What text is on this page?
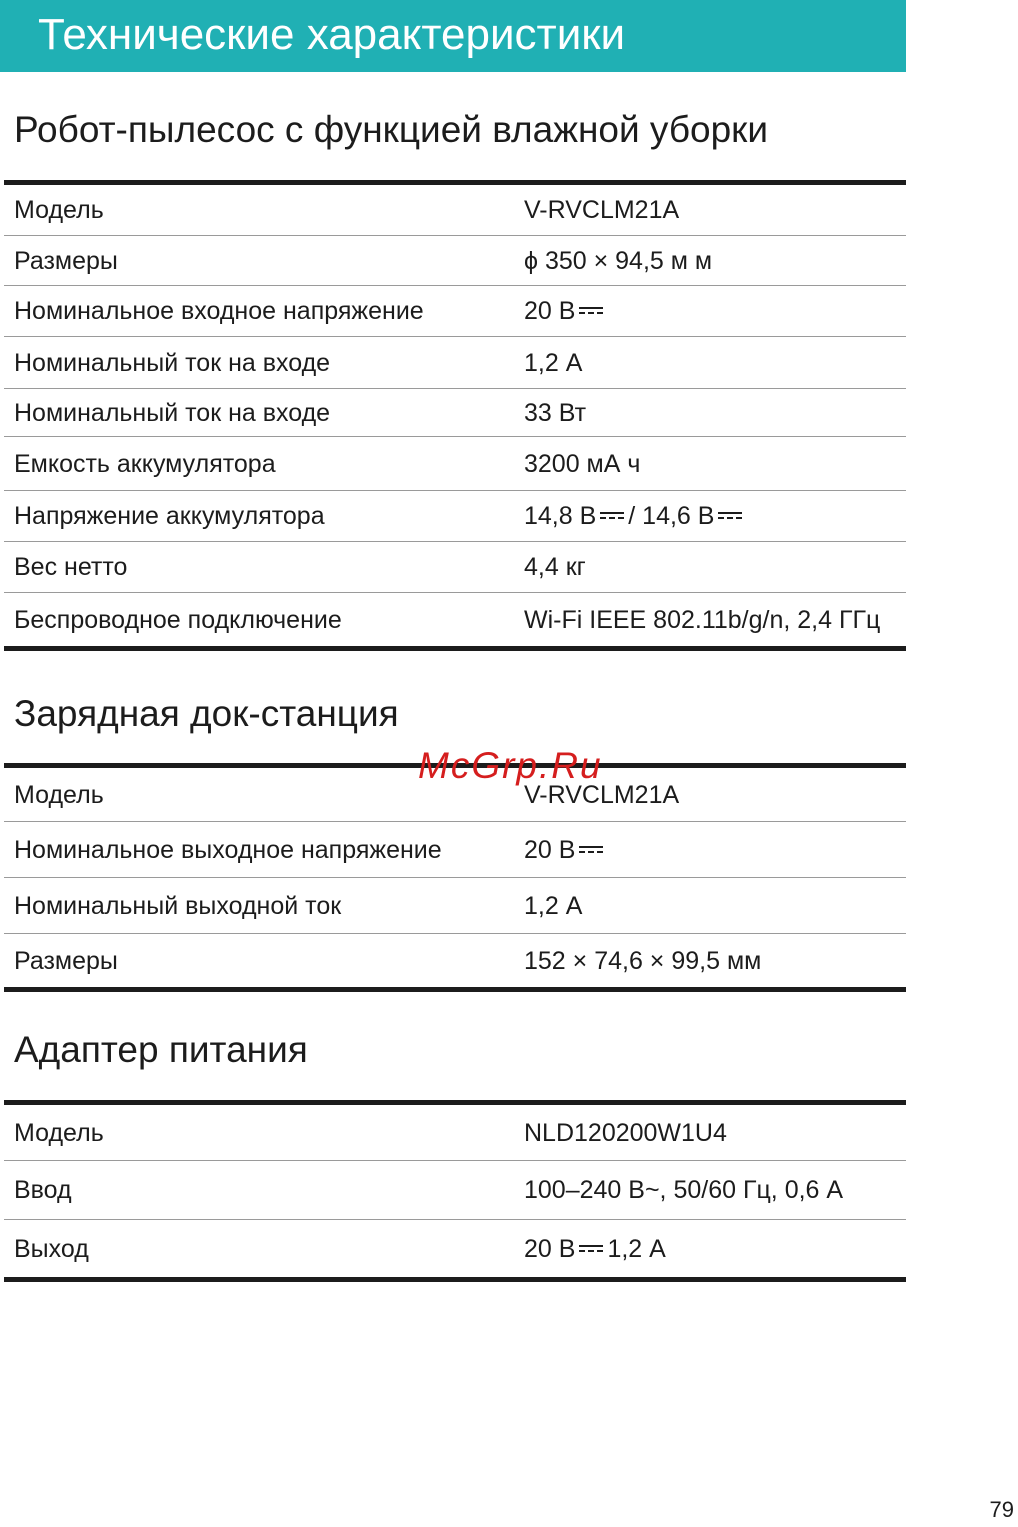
Технические характеристики
Робот-пылесос с функцией влажной уборки
Модель	V-RVCLM21A
Размеры	ϕ 350 × 94,5 м м
Номинальное входное напряжение	20 В
Номинальный ток на входе	1,2 А
Номинальный ток на входе	33 Вт
Емкость аккумулятора	3200 мА ч
Напряжение аккумулятора	14,8 В / 14,6 В
Вес нетто	4,4 кг
Беспроводное подключение	Wi-Fi IEEE 802.11b/g/n, 2,4 ГГц
Зарядная док-станция
Модель	V-RVCLM21A
Номинальное выходное напряжение	20 В
Номинальный выходной ток	1,2 А
Размеры	152 × 74,6 × 99,5 мм
Адаптер питания
Модель	NLD120200W1U4
Ввод	100–240 В~, 50/60 Гц, 0,6 А
Выход	20 В 1,2 А
McGrp.Ru
79
